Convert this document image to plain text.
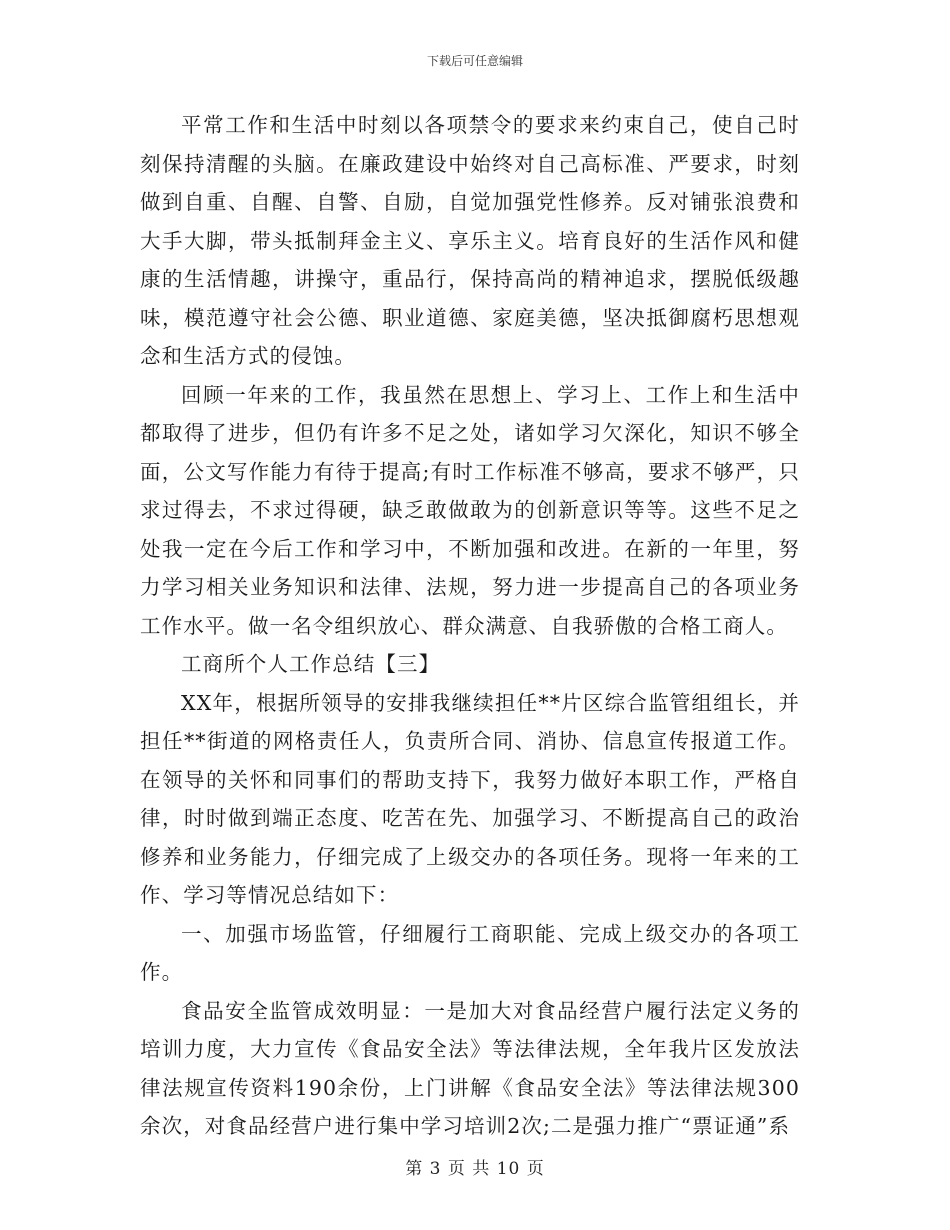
下载后可任意编辑

平常工作和生活中时刻以各项禁令的要求来约束自己，使自己时刻保持清醒的头脑。在廉政建设中始终对自己高标准、严要求，时刻做到自重、自醒、自警、自励，自觉加强党性修养。反对铺张浪费和大手大脚，带头抵制拜金主义、享乐主义。培育良好的生活作风和健康的生活情趣，讲操守，重品行，保持高尚的精神追求，摆脱低级趣味，模范遵守社会公德、职业道德、家庭美德，坚决抵御腐朽思想观念和生活方式的侵蚀。

回顾一年来的工作，我虽然在思想上、学习上、工作上和生活中都取得了进步，但仍有许多不足之处，诸如学习欠深化，知识不够全面，公文写作能力有待于提高;有时工作标准不够高，要求不够严，只求过得去，不求过得硬，缺乏敢做敢为的创新意识等等。这些不足之处我一定在今后工作和学习中，不断加强和改进。在新的一年里，努力学习相关业务知识和法律、法规，努力进一步提高自己的各项业务工作水平。做一名令组织放心、群众满意、自我骄傲的合格工商人。

工商所个人工作总结【三】

XX年，根据所领导的安排我继续担任**片区综合监管组组长，并担任**街道的网格责任人，负责所合同、消协、信息宣传报道工作。在领导的关怀和同事们的帮助支持下，我努力做好本职工作，严格自律，时时做到端正态度、吃苦在先、加强学习、不断提高自己的政治修养和业务能力，仔细完成了上级交办的各项任务。现将一年来的工作、学习等情况总结如下：

一、加强市场监管，仔细履行工商职能、完成上级交办的各项工作。

食品安全监管成效明显：一是加大对食品经营户履行法定义务的培训力度，大力宣传《食品安全法》等法律法规，全年我片区发放法律法规宣传资料190余份，上门讲解《食品安全法》等法律法规300余次，对食品经营户进行集中学习培训2次;二是强力推广“票证通”系

第 3 页 共 10 页
